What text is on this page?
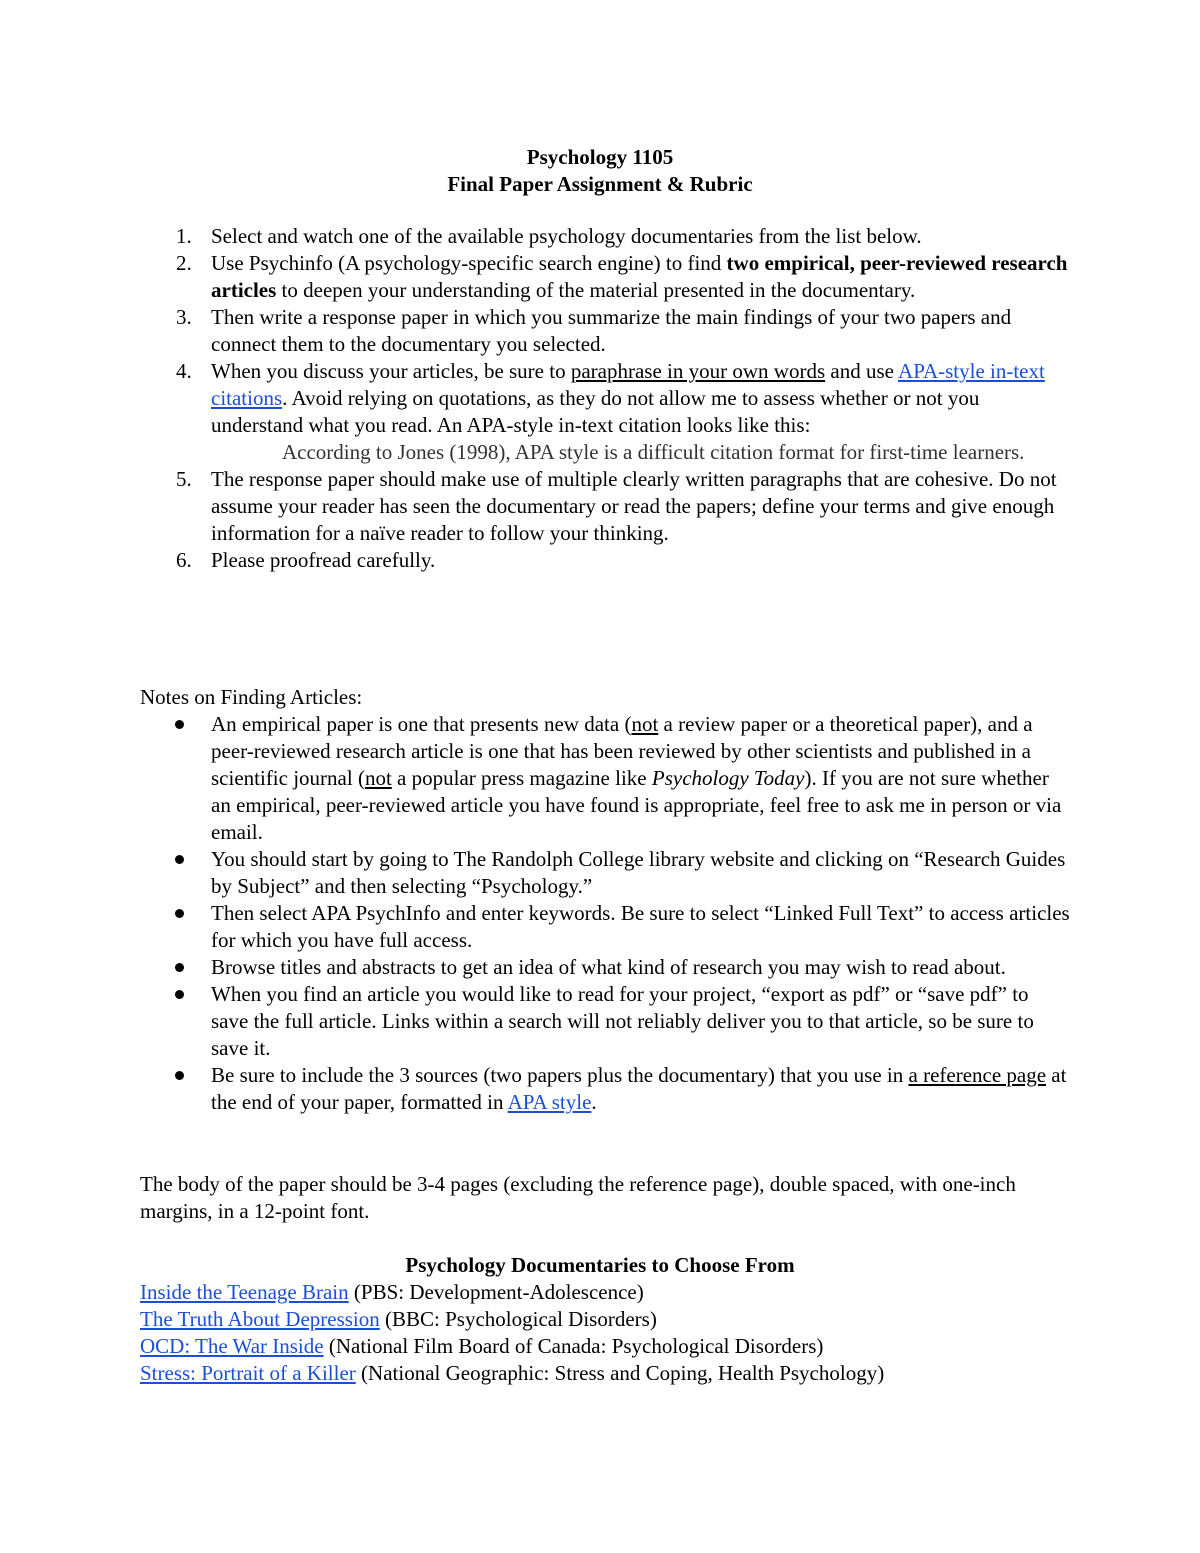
Psychology 1105
Final Paper Assignment & Rubric
1. Select and watch one of the available psychology documentaries from the list below.
2. Use Psychinfo (A psychology-specific search engine) to find two empirical, peer-reviewed research articles to deepen your understanding of the material presented in the documentary.
3. Then write a response paper in which you summarize the main findings of your two papers and connect them to the documentary you selected.
4. When you discuss your articles, be sure to paraphrase in your own words and use APA-style in-text citations. Avoid relying on quotations, as they do not allow me to assess whether or not you understand what you read. An APA-style in-text citation looks like this:
According to Jones (1998), APA style is a difficult citation format for first-time learners.
5. The response paper should make use of multiple clearly written paragraphs that are cohesive. Do not assume your reader has seen the documentary or read the papers; define your terms and give enough information for a naïve reader to follow your thinking.
6. Please proofread carefully.
Notes on Finding Articles:
An empirical paper is one that presents new data (not a review paper or a theoretical paper), and a peer-reviewed research article is one that has been reviewed by other scientists and published in a scientific journal (not a popular press magazine like Psychology Today). If you are not sure whether an empirical, peer-reviewed article you have found is appropriate, feel free to ask me in person or via email.
You should start by going to The Randolph College library website and clicking on “Research Guides by Subject” and then selecting “Psychology.”
Then select APA PsychInfo and enter keywords. Be sure to select “Linked Full Text” to access articles for which you have full access.
Browse titles and abstracts to get an idea of what kind of research you may wish to read about.
When you find an article you would like to read for your project, “export as pdf” or “save pdf” to save the full article. Links within a search will not reliably deliver you to that article, so be sure to save it.
Be sure to include the 3 sources (two papers plus the documentary) that you use in a reference page at the end of your paper, formatted in APA style.
The body of the paper should be 3-4 pages (excluding the reference page), double spaced, with one-inch margins, in a 12-point font.
Psychology Documentaries to Choose From
Inside the Teenage Brain (PBS: Development-Adolescence)
The Truth About Depression (BBC: Psychological Disorders)
OCD: The War Inside (National Film Board of Canada: Psychological Disorders)
Stress: Portrait of a Killer (National Geographic: Stress and Coping, Health Psychology)
